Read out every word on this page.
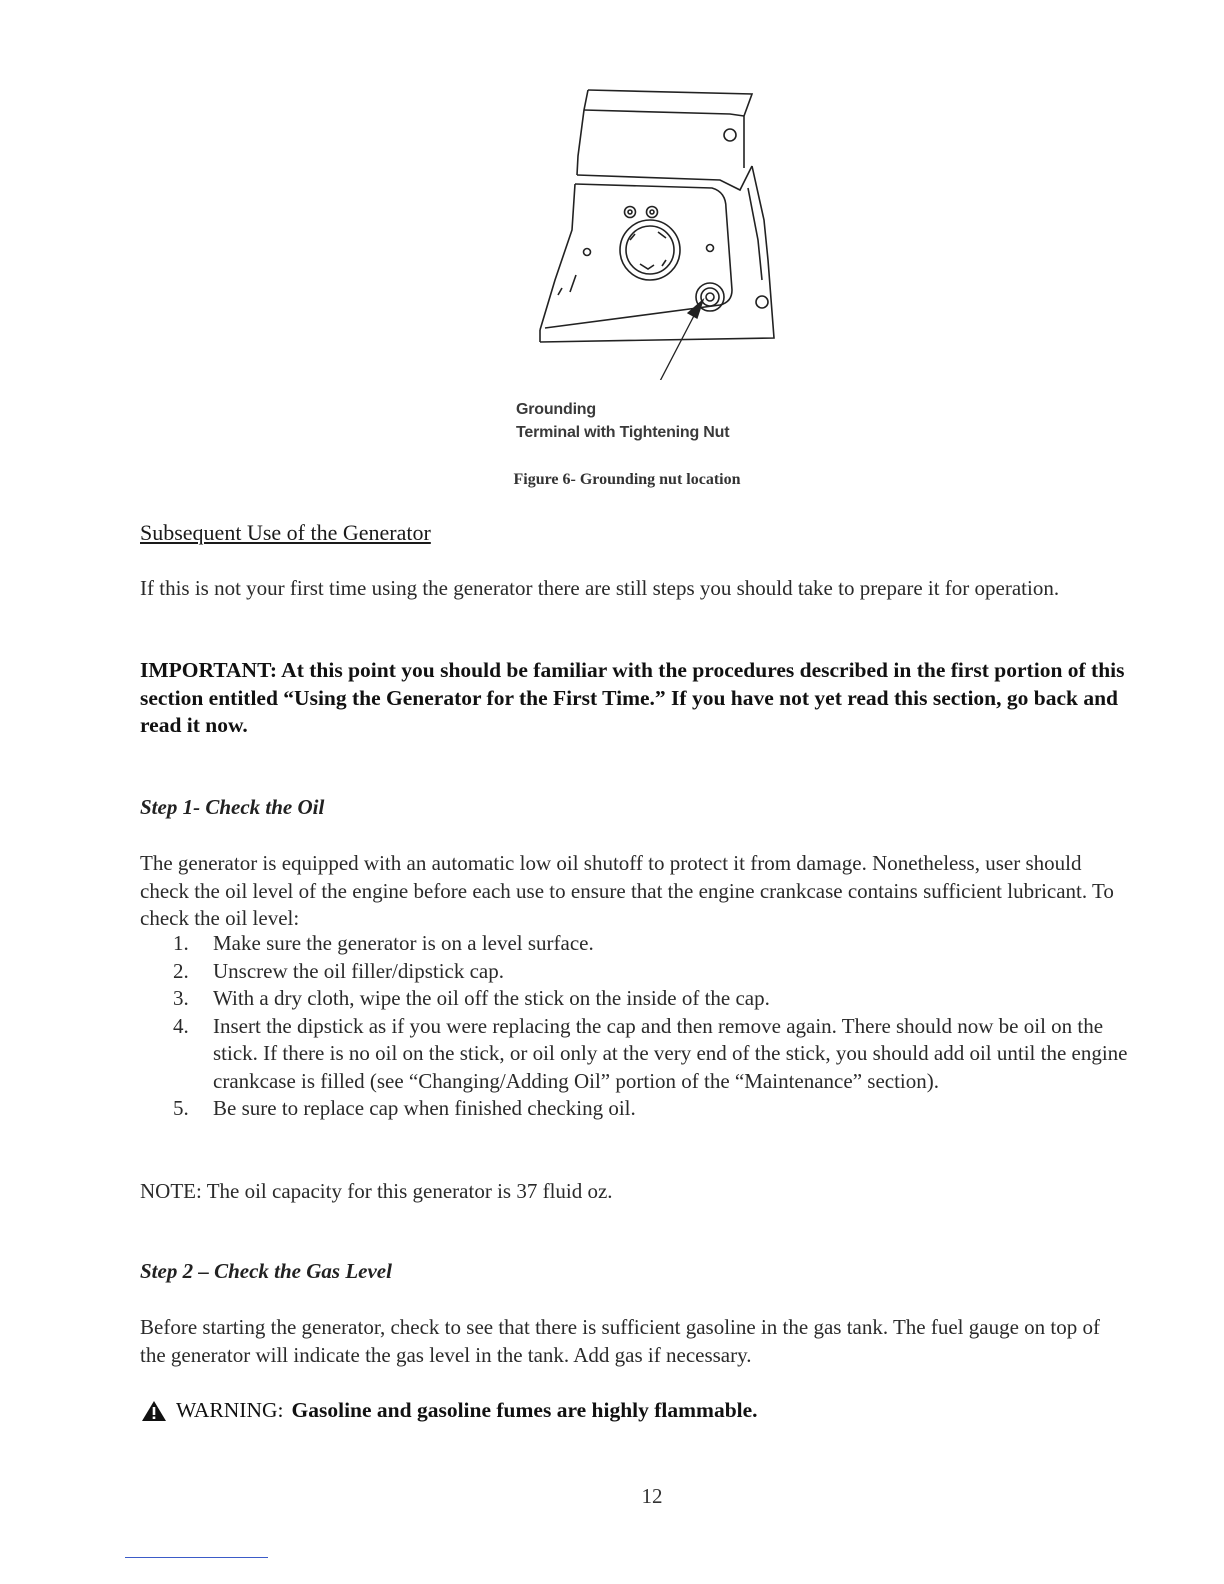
Grounding
Terminal with Tightening Nut
Figure 6- Grounding nut location
Subsequent Use of the Generator
If this is not your first time using the generator there are still steps you should take to prepare it for operation.
IMPORTANT: At this point you should be familiar with the procedures described in the first portion of this section entitled “Using the Generator for the First Time.” If you have not yet read this section, go back and read it now.
Step 1- Check the Oil
The generator is equipped with an automatic low oil shutoff to protect it from damage. Nonetheless, user should check the oil level of the engine before each use to ensure that the engine crankcase contains sufficient lubricant. To check the oil level:
1. Make sure the generator is on a level surface.
2. Unscrew the oil filler/dipstick cap.
3. With a dry cloth, wipe the oil off the stick on the inside of the cap.
4. Insert the dipstick as if you were replacing the cap and then remove again. There should now be oil on the stick. If there is no oil on the stick, or oil only at the very end of the stick, you should add oil until the engine crankcase is filled (see “Changing/Adding Oil” portion of the “Maintenance” section).
5. Be sure to replace cap when finished checking oil.
NOTE: The oil capacity for this generator is 37 fluid oz.
Step 2 – Check the Gas Level
Before starting the generator, check to see that there is sufficient gasoline in the gas tank. The fuel gauge on top of the generator will indicate the gas level in the tank. Add gas if necessary.
WARNING: Gasoline and gasoline fumes are highly flammable.
12
